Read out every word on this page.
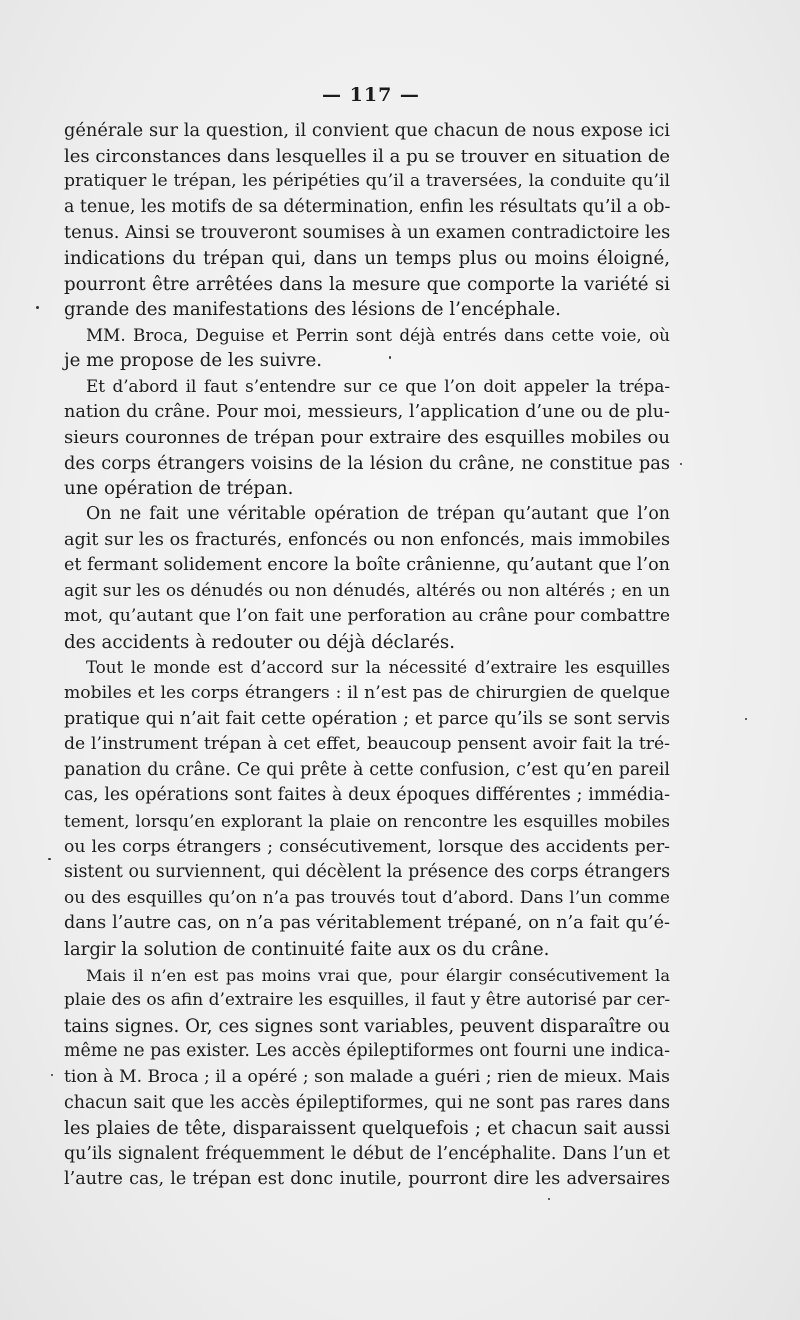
— 117 —
générale sur la question, il convient que chacun de nous expose ici
les circonstances dans lesquelles il a pu se trouver en situation de
pratiquer le trépan, les péripéties qu’il a traversées, la conduite qu’il
a tenue, les motifs de sa détermination, enfin les résultats qu’il a ob-
tenus. Ainsi se trouveront soumises à un examen contradictoire les
indications du trépan qui, dans un temps plus ou moins éloigné,
pourront être arrêtées dans la mesure que comporte la variété si
grande des manifestations des lésions de l’encéphale.
MM. Broca, Deguise et Perrin sont déjà entrés dans cette voie, où
je me propose de les suivre.
Et d’abord il faut s’entendre sur ce que l’on doit appeler la trépa-
nation du crâne. Pour moi, messieurs, l’application d’une ou de plu-
sieurs couronnes de trépan pour extraire des esquilles mobiles ou
des corps étrangers voisins de la lésion du crâne, ne constitue pas
une opération de trépan.
On ne fait une véritable opération de trépan qu’autant que l’on
agit sur les os fracturés, enfoncés ou non enfoncés, mais immobiles
et fermant solidement encore la boîte crânienne, qu’autant que l’on
agit sur les os dénudés ou non dénudés, altérés ou non altérés ; en un
mot, qu’autant que l’on fait une perforation au crâne pour combattre
des accidents à redouter ou déjà déclarés.
Tout le monde est d’accord sur la nécessité d’extraire les esquilles
mobiles et les corps étrangers : il n’est pas de chirurgien de quelque
pratique qui n’ait fait cette opération ; et parce qu’ils se sont servis
de l’instrument trépan à cet effet, beaucoup pensent avoir fait la tré-
panation du crâne. Ce qui prête à cette confusion, c’est qu’en pareil
cas, les opérations sont faites à deux époques différentes ; immédia-
tement, lorsqu’en explorant la plaie on rencontre les esquilles mobiles
ou les corps étrangers ; consécutivement, lorsque des accidents per-
sistent ou surviennent, qui décèlent la présence des corps étrangers
ou des esquilles qu’on n’a pas trouvés tout d’abord. Dans l’un comme
dans l’autre cas, on n’a pas véritablement trépané, on n’a fait qu’é-
largir la solution de continuité faite aux os du crâne.
Mais il n’en est pas moins vrai que, pour élargir consécutivement la
plaie des os afin d’extraire les esquilles, il faut y être autorisé par cer-
tains signes. Or, ces signes sont variables, peuvent disparaître ou
même ne pas exister. Les accès épileptiformes ont fourni une indica-
tion à M. Broca ; il a opéré ; son malade a guéri ; rien de mieux. Mais
chacun sait que les accès épileptiformes, qui ne sont pas rares dans
les plaies de tête, disparaissent quelquefois ; et chacun sait aussi
qu’ils signalent fréquemment le début de l’encéphalite. Dans l’un et
l’autre cas, le trépan est donc inutile, pourront dire les adversaires
